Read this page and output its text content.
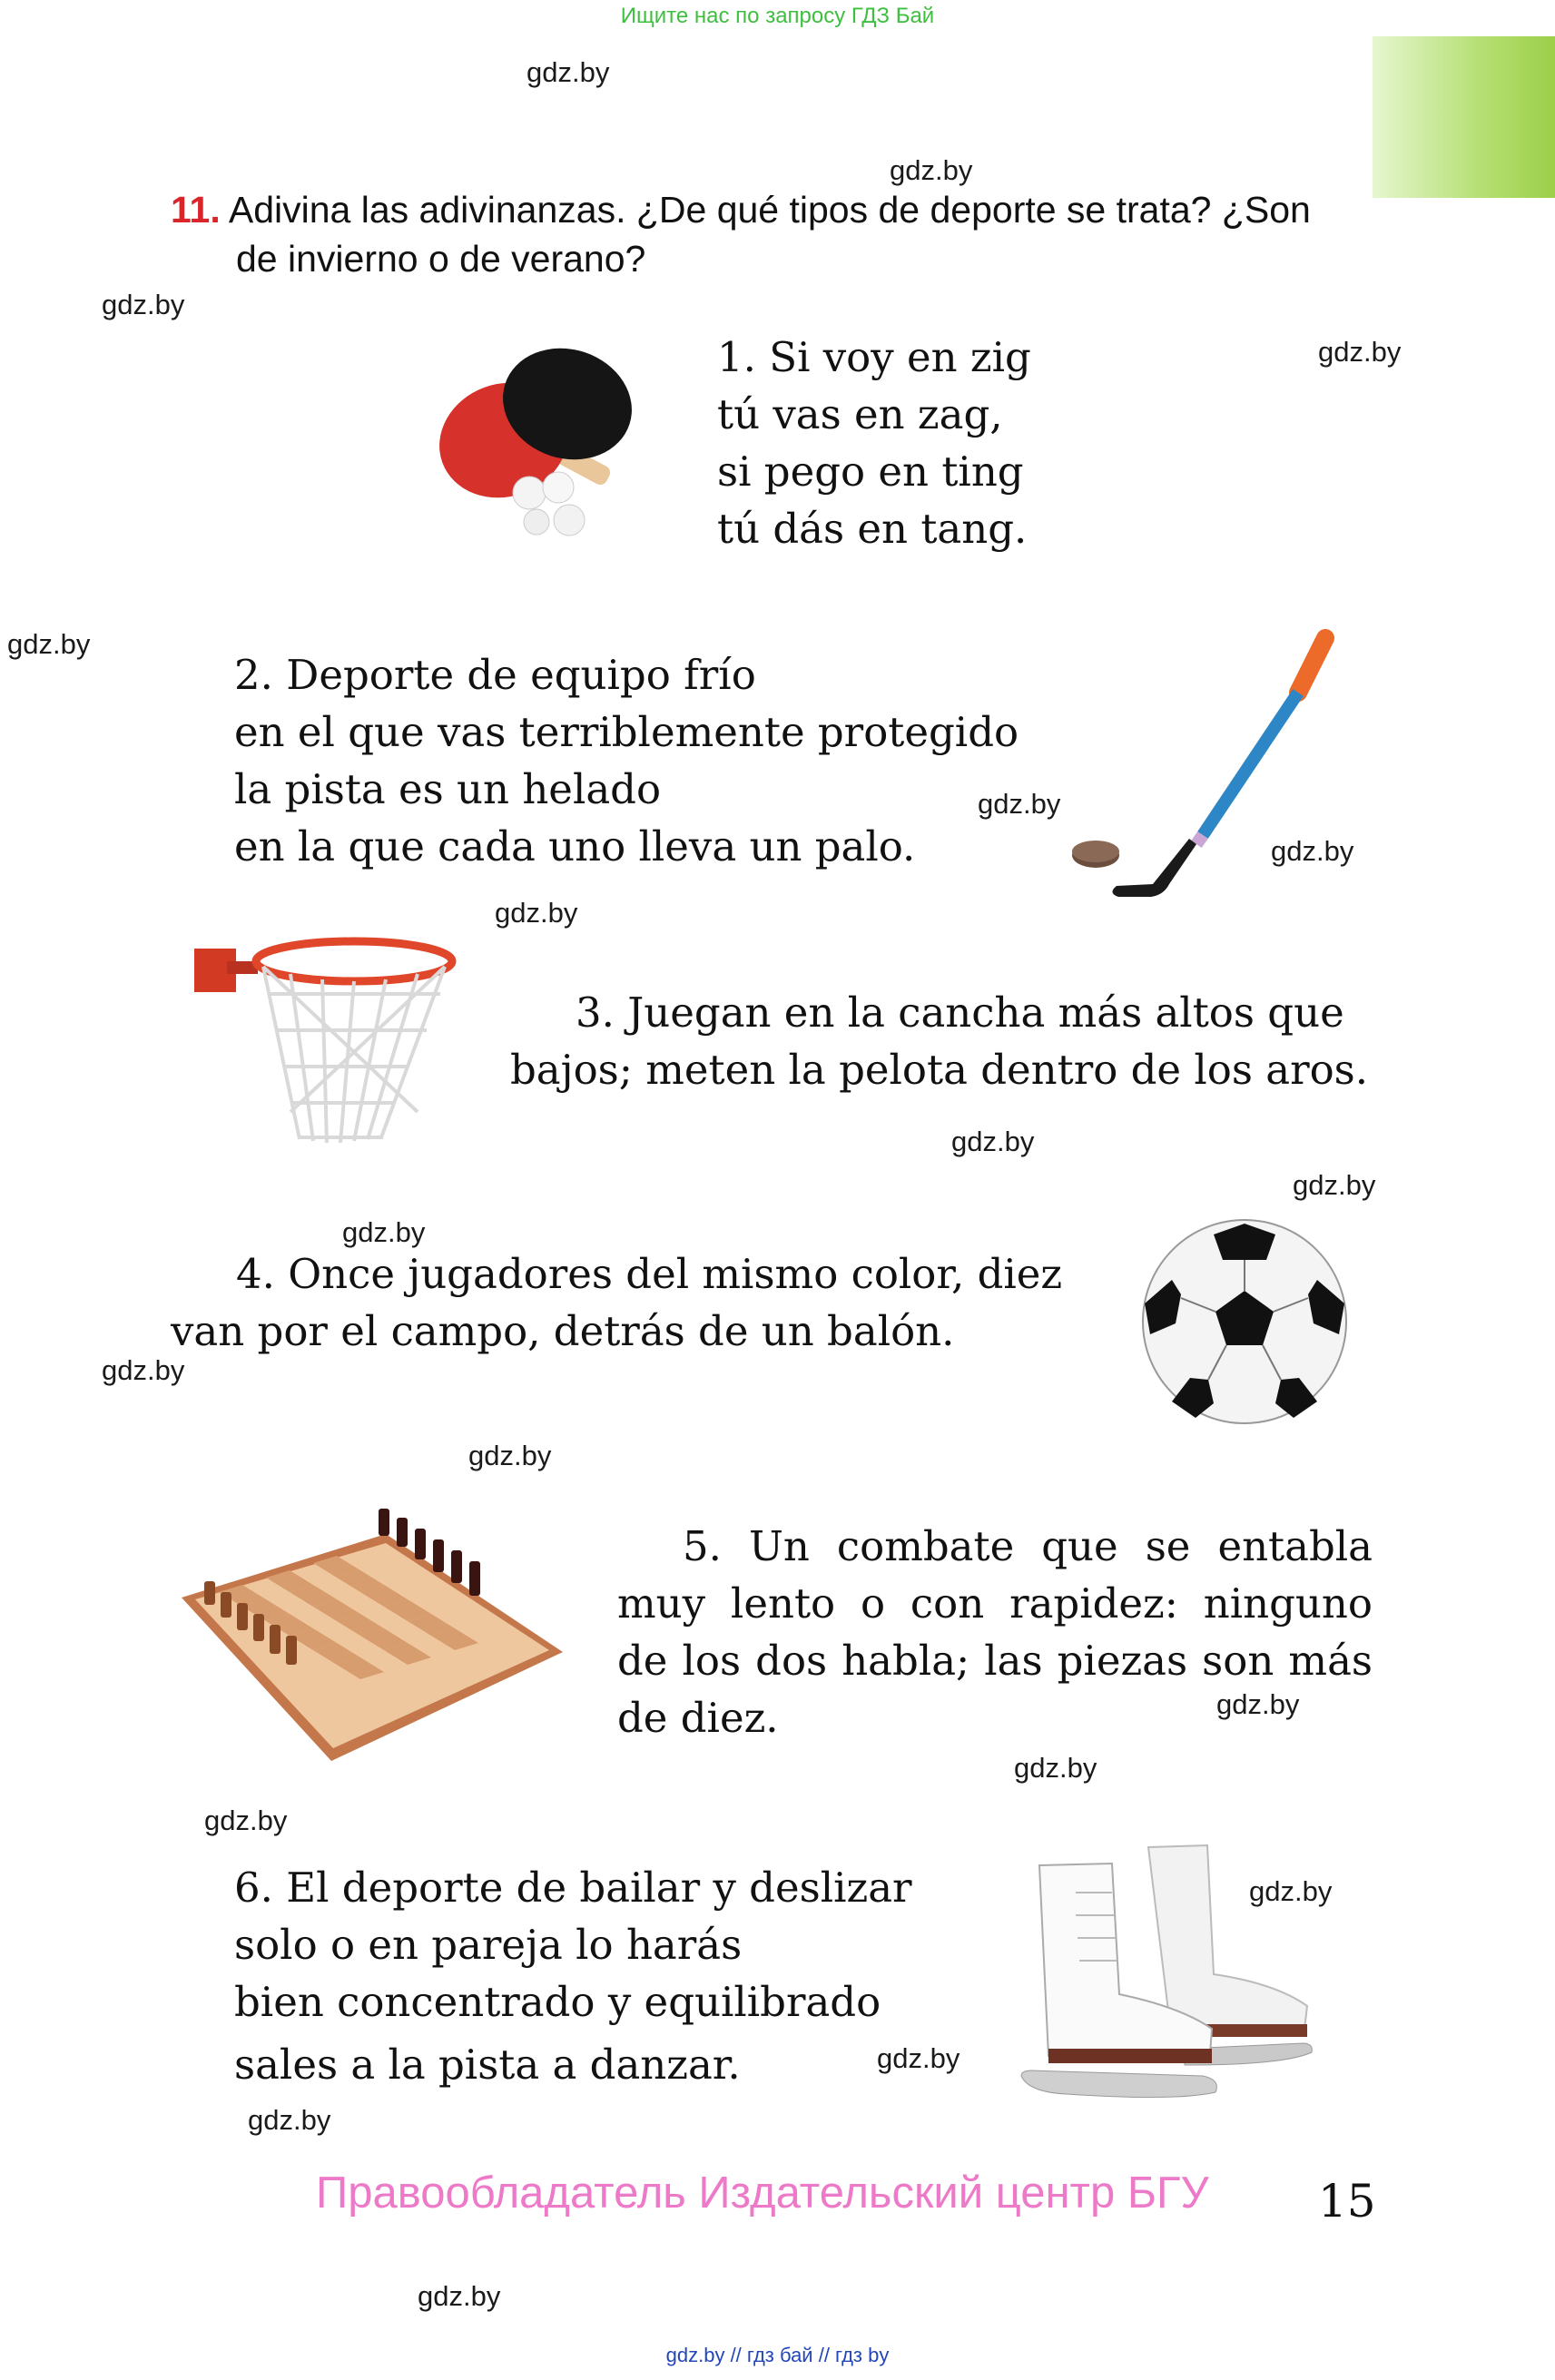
Ищите нас по запросу ГДЗ Бай
gdz.by
gdz.by
gdz.by
gdz.by
gdz.by
gdz.by
gdz.by
gdz.by
gdz.by
gdz.by
gdz.by
gdz.by
gdz.by
gdz.by
gdz.by
gdz.by
gdz.by
gdz.by
gdz.by
gdz.by
11. Adivina las adivinanzas. ¿De qué tipos de deporte se trata? ¿Son
de invierno o de verano?
1. Si voy en zig
tú vas en zag,
si pego en ting
tú dás en tang.
2. Deporte de equipo frío
en el que vas terriblemente protegido
la pista es un helado
en la que cada uno lleva un palo.
3. Juegan en la cancha más altos que
bajos; meten la pelota dentro de los aros.
4. Once jugadores del mismo color, diez
van por el campo, detrás de un balón.
5. Un combate que se entabla
muy lento o con rapidez: ninguno
de los dos habla; las piezas son más
de diez.
6. El deporte de bailar y deslizar
solo o en pareja lo harás
bien concentrado y equilibrado
sales a la pista a danzar.
Правообладатель Издательский центр БГУ 15
gdz.by // гдз бай // гдз by
